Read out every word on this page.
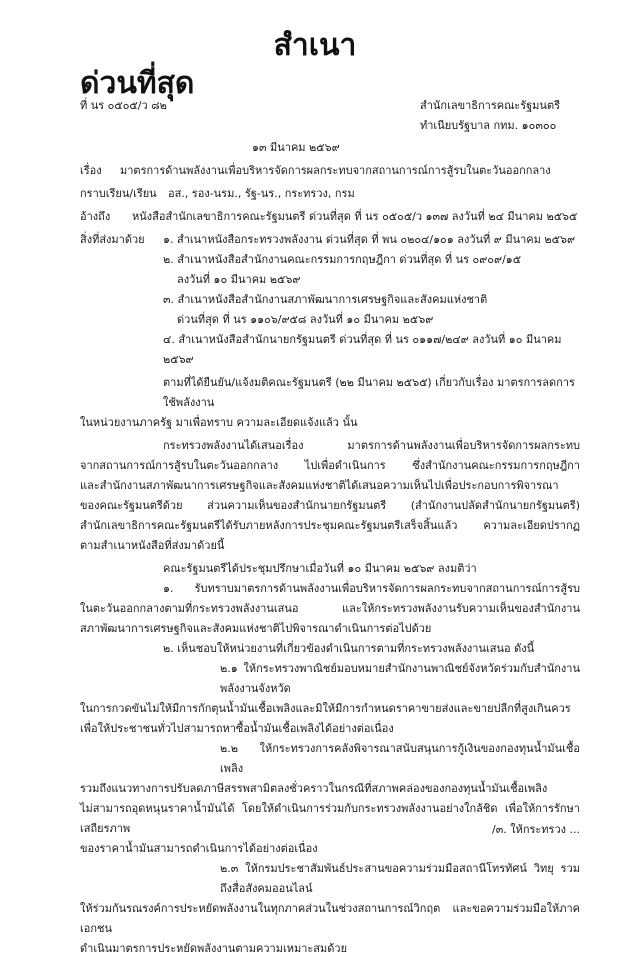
สำเนา
ด่วนที่สุด
ที่ นร ๐๕๐๕/ว ๘๒	สำนักเลขาธิการคณะรัฐมนตรี
ทำเนียบรัฐบาล กทม. ๑๐๓๐๐
๑๓ มีนาคม ๒๕๖๙
เรื่อง	มาตรการด้านพลังงานเพื่อบริหารจัดการผลกระทบจากสถานการณ์การสู้รบในตะวันออกกลาง
กราบเรียน/เรียน	อส., รอง-นรม., รัฐ-นร., กระทรวง, กรม
อ้างถึง	หนังสือสำนักเลขาธิการคณะรัฐมนตรี ด่วนที่สุด ที่ นร ๐๕๐๕/ว ๑๓๗ ลงวันที่ ๒๔ มีนาคม ๒๕๖๕
สิ่งที่ส่งมาด้วย	๑. สำเนาหนังสือกระทรวงพลังงาน ด่วนที่สุด ที่ พน ๐๒๐๔/๑๐๑ ลงวันที่ ๙ มีนาคม ๒๕๖๙
๒. สำเนาหนังสือสำนักงานคณะกรรมการกฤษฎีกา ด่วนที่สุด ที่ นร ๐๙๐๙/๑๕
ลงวันที่ ๑๐ มีนาคม ๒๕๖๙
๓. สำเนาหนังสือสำนักงานสภาพัฒนาการเศรษฐกิจและสังคมแห่งชาติ
ด่วนที่สุด ที่ นร ๑๑๐๖/๙๕๘ ลงวันที่ ๑๐ มีนาคม ๒๕๖๙
๔. สำเนาหนังสือสำนักนายกรัฐมนตรี ด่วนที่สุด ที่ นร ๐๑๑๗/๒๔๙ ลงวันที่ ๑๐ มีนาคม ๒๕๖๙
ตามที่ได้ยืนยัน/แจ้งมติคณะรัฐมนตรี (๒๒ มีนาคม ๒๕๖๕) เกี่ยวกับเรื่อง มาตรการลดการใช้พลังงาน
ในหน่วยงานภาครัฐ มาเพื่อทราบ ความละเอียดแจ้งแล้ว นั้น
กระทรวงพลังงานได้เสนอเรื่อง มาตรการด้านพลังงานเพื่อบริหารจัดการผลกระทบ
จากสถานการณ์การสู้รบในตะวันออกกลาง ไปเพื่อดำเนินการ ซึ่งสำนักงานคณะกรรมการกฤษฎีกา
และสำนักงานสภาพัฒนาการเศรษฐกิจและสังคมแห่งชาติได้เสนอความเห็นไปเพื่อประกอบการพิจารณา
ของคณะรัฐมนตรีด้วย ส่วนความเห็นของสำนักนายกรัฐมนตรี (สำนักงานปลัดสำนักนายกรัฐมนตรี)
สำนักเลขาธิการคณะรัฐมนตรีได้รับภายหลังการประชุมคณะรัฐมนตรีเสร็จสิ้นแล้ว ความละเอียดปรากฏ
ตามสำเนาหนังสือที่ส่งมาด้วยนี้
คณะรัฐมนตรีได้ประชุมปรึกษาเมื่อวันที่ ๑๐ มีนาคม ๒๕๖๙ ลงมติว่า
๑. รับทราบมาตรการด้านพลังงานเพื่อบริหารจัดการผลกระทบจากสถานการณ์การสู้รบ
ในตะวันออกกลางตามที่กระทรวงพลังงานเสนอ และให้กระทรวงพลังงานรับความเห็นของสำนักงาน
สภาพัฒนาการเศรษฐกิจและสังคมแห่งชาติไปพิจารณาดำเนินการต่อไปด้วย
๒. เห็นชอบให้หน่วยงานที่เกี่ยวข้องดำเนินการตามที่กระทรวงพลังงานเสนอ ดังนี้
๒.๑ ให้กระทรวงพาณิชย์มอบหมายสำนักงานพาณิชย์จังหวัดร่วมกับสำนักงานพลังงานจังหวัด
ในการกวดขันไม่ให้มีการกักตุนน้ำมันเชื้อเพลิงและมิให้มีการกำหนดราคาขายส่งและขายปลีกที่สูงเกินควร
เพื่อให้ประชาชนทั่วไปสามารถหาซื้อน้ำมันเชื้อเพลิงได้อย่างต่อเนื่อง
๒.๒ ให้กระทรวงการคลังพิจารณาสนับสนุนการกู้เงินของกองทุนน้ำมันเชื้อเพลิง
รวมถึงแนวทางการปรับลดภาษีสรรพสามิตลงชั่วคราวในกรณีที่สภาพคล่องของกองทุนน้ำมันเชื้อเพลิง
ไม่สามารถอุดหนุนราคาน้ำมันได้ โดยให้ดำเนินการร่วมกับกระทรวงพลังงานอย่างใกล้ชิด เพื่อให้การรักษาเสถียรภาพ
ของราคาน้ำมันสามารถดำเนินการได้อย่างต่อเนื่อง
๒.๓ ให้กรมประชาสัมพันธ์ประสานขอความร่วมมือสถานีโทรทัศน์ วิทยุ รวมถึงสื่อสังคมออนไลน์
ให้ร่วมกันรณรงค์การประหยัดพลังงานในทุกภาคส่วนในช่วงสถานการณ์วิกฤต และขอความร่วมมือให้ภาคเอกชน
ดำเนินมาตรการประหยัดพลังงานตามความเหมาะสมด้วย
/๓. ให้กระทรวง ...
